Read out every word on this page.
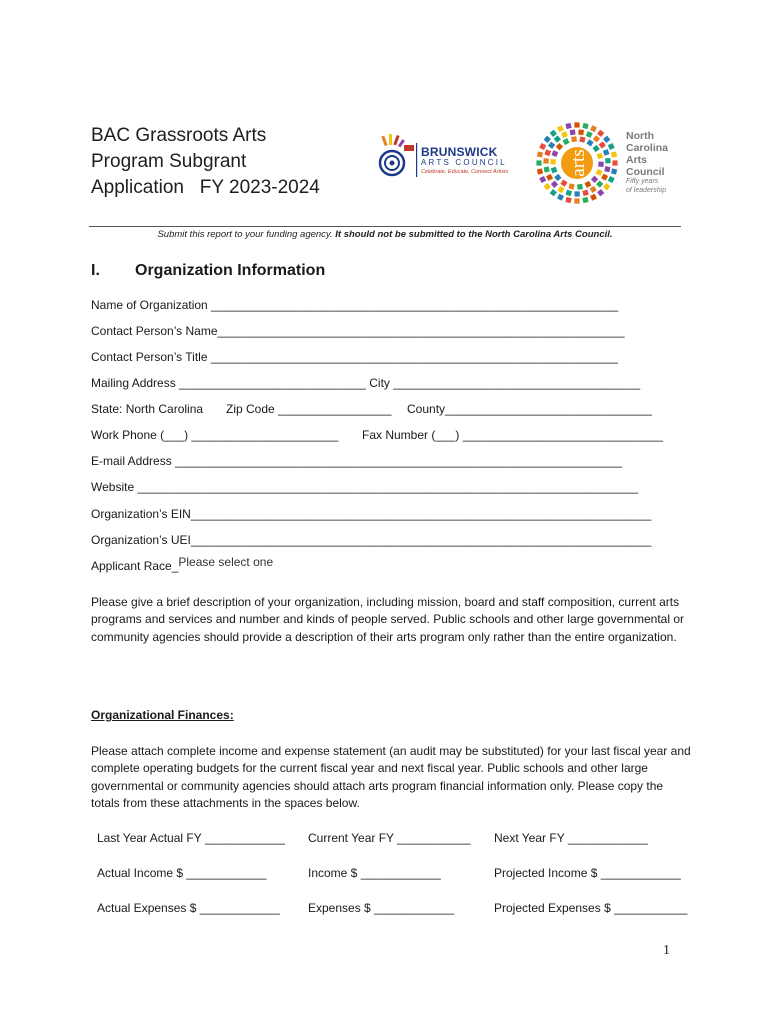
BAC Grassroots Arts
Program Subgrant
Application   FY 2023-2024
BRUNSWICK
ARTS COUNCIL
Celebrate, Educate, Connect Artists	arts
North
Carolina
Arts
Council
Fifty years
of leadership
Submit this report to your funding agency. It should not be submitted to the North Carolina Arts Council.
I. Organization Information
Name of Organization _____________________________________________________________
Contact Person’s Name_____________________________________________________________
Contact Person’s Title _____________________________________________________________
Mailing Address ____________________________ City _____________________________________
State: North Carolina Zip Code _________________ County_______________________________
Work Phone (___) ______________________ Fax Number (___) ______________________________
E-mail Address ___________________________________________________________________
Website ___________________________________________________________________________
Organization’s EIN_____________________________________________________________________
Organization’s UEI_____________________________________________________________________
Applicant Race_Please select one
Please give a brief description of your organization, including mission, board and staff composition, current arts programs and services and number and kinds of people served. Public schools and other large governmental or community agencies should provide a description of their arts program only rather than the entire organization.
Organizational Finances:
Please attach complete income and expense statement (an audit may be substituted) for your last fiscal year and complete operating budgets for the current fiscal year and next fiscal year. Public schools and other large governmental or community agencies should attach arts program financial information only. Please copy the totals from these attachments in the spaces below.
Last Year Actual FY ____________ Current Year FY ___________ Next Year FY ____________
Actual Income $ ____________	Income $ ____________	Projected Income $ ____________
Actual Expenses $ ____________ Expenses $ ____________	Projected Expenses $ ___________
1
